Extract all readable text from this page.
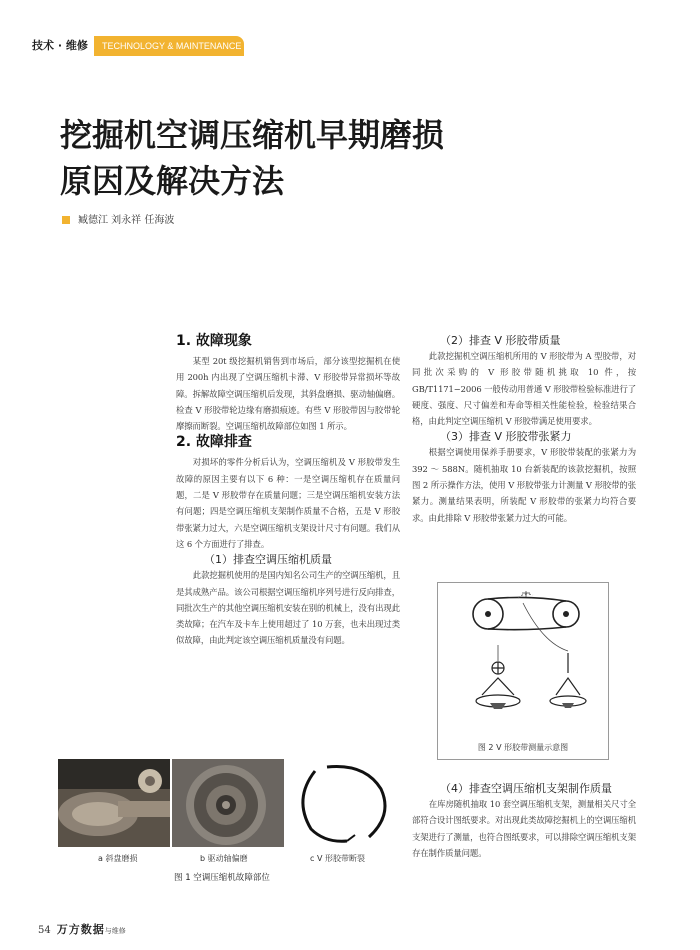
技术 · 维修	TECHNOLOGY & MAINTENANCE
挖掘机空调压缩机早期磨损
原因及解决方法
臧德江 刘永祥 任海波
1. 故障现象

某型 20t 级挖掘机销售到市场后，部分该型挖掘机在使用 200h 内出现了空调压缩机卡滞、V 形胶带异常损坏等故障。拆解故障空调压缩机后发现，其斜盘磨损、驱动轴偏磨。检查 V 形胶带轮边缘有磨损痕迹。有些 V 形胶带因与胶带轮摩擦而断裂。空调压缩机故障部位如图 1 所示。

2. 故障排查

对损坏的零件分析后认为，空调压缩机及 V 形胶带发生故障的原因主要有以下 6 种：一是空调压缩机存在质量问题，二是 V 形胶带存在质量问题；三是空调压缩机安装方法有问题；四是空调压缩机支架制作质量不合格，五是 V 形胶带张紧力过大，六是空调压缩机支架设计尺寸有问题。我们从这 6 个方面进行了排查。

（1）排查空调压缩机质量

此款挖掘机使用的是国内知名公司生产的空调压缩机，且是其成熟产品。该公司根据空调压缩机序列号进行反向排查，同批次生产的其他空调压缩机安装在别的机械上，没有出现此类故障；在汽车及卡车上使用超过了 10 万套，也未出现过类似故障，由此判定该空调压缩机质量没有问题。

（2）排查 V 形胶带质量

此款挖掘机空调压缩机所用的 V 形胶带为 A 型胶带，对同批次采购的 V 形胶带随机挑取 10 件，按 GB/T1171−2006 一般传动用普通 V 形胶带检验标准进行了硬度、强度、尺寸偏差和寿命等相关性能检验，检验结果合格，由此判定空调压缩机 V 形胶带满足使用要求。

（3）排查 V 形胶带张紧力

根据空调使用保养手册要求，V 形胶带装配的张紧力为 392 ～ 588N。随机抽取 10 台新装配的该款挖掘机，按照图 2 所示操作方法，使用 V 形胶带张力计测量 V 形胶带的张紧力。测量结果表明，所装配 V 形胶带的张紧力均符合要求。由此排除 V 形胶带张紧力过大的可能。

图 2 V 形胶带测量示意图
a 斜盘磨损	b 驱动轴偏磨	c V 形胶带断裂
图 1 空调压缩机故障部位
（4）排查空调压缩机支架制作质量

在库房随机抽取 10 套空调压缩机支架，测量相关尺寸全部符合设计图纸要求。对出现此类故障挖掘机上的空调压缩机支架进行了测量，也符合图纸要求，可以排除空调压缩机支架存在制作质量问题。

54 万方数据与维修
